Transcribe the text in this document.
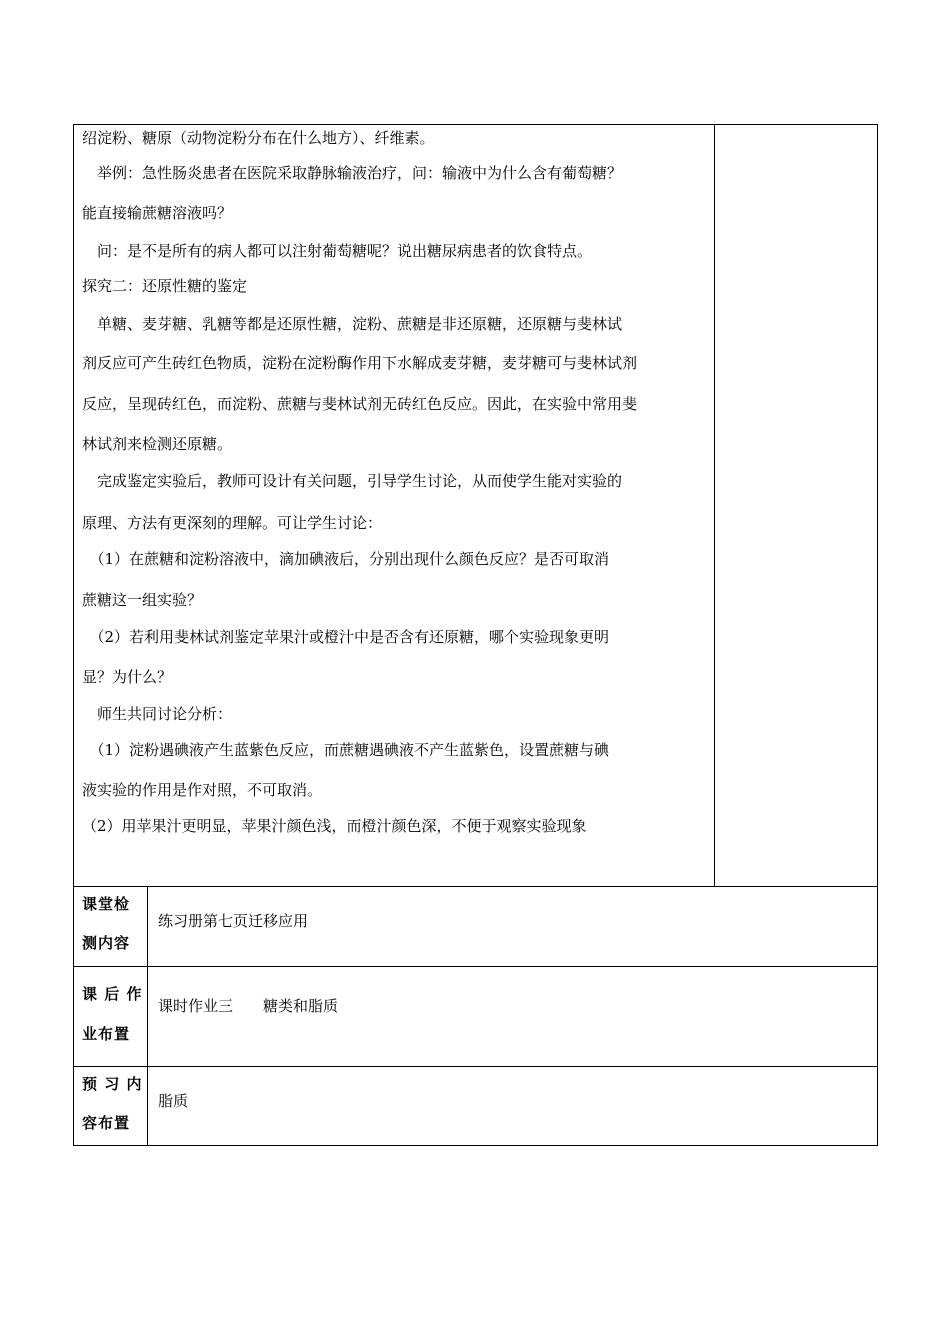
绍淀粉、糖原（动物淀粉分布在什么地方）、纤维素。
　举例：急性肠炎患者在医院采取静脉输液治疗，问：输液中为什么含有葡萄糖？
能直接输蔗糖溶液吗？
　问：是不是所有的病人都可以注射葡萄糖呢？说出糖尿病患者的饮食特点。
探究二：还原性糖的鉴定
　单糖、麦芽糖、乳糖等都是还原性糖，淀粉、蔗糖是非还原糖，还原糖与斐林试
剂反应可产生砖红色物质，淀粉在淀粉酶作用下水解成麦芽糖，麦芽糖可与斐林试剂
反应，呈现砖红色，而淀粉、蔗糖与斐林试剂无砖红色反应。因此，在实验中常用斐
林试剂来检测还原糖。
　完成鉴定实验后，教师可设计有关问题，引导学生讨论，从而使学生能对实验的
原理、方法有更深刻的理解。可让学生讨论：
　（1）在蔗糖和淀粉溶液中，滴加碘液后，分别出现什么颜色反应？是否可取消
蔗糖这一组实验？
　（2）若利用斐林试剂鉴定苹果汁或橙汁中是否含有还原糖，哪个实验现象更明
显？为什么？
　师生共同讨论分析：
　（1）淀粉遇碘液产生蓝紫色反应，而蔗糖遇碘液不产生蓝紫色，设置蔗糖与碘
液实验的作用是作对照，不可取消。
（2）用苹果汁更明显，苹果汁颜色浅，而橙汁颜色深，不便于观察实验现象
课堂检
测内容
练习册第七页迁移应用
课 后 作
业布置
课时作业三　　糖类和脂质
预 习 内
容布置
脂质
